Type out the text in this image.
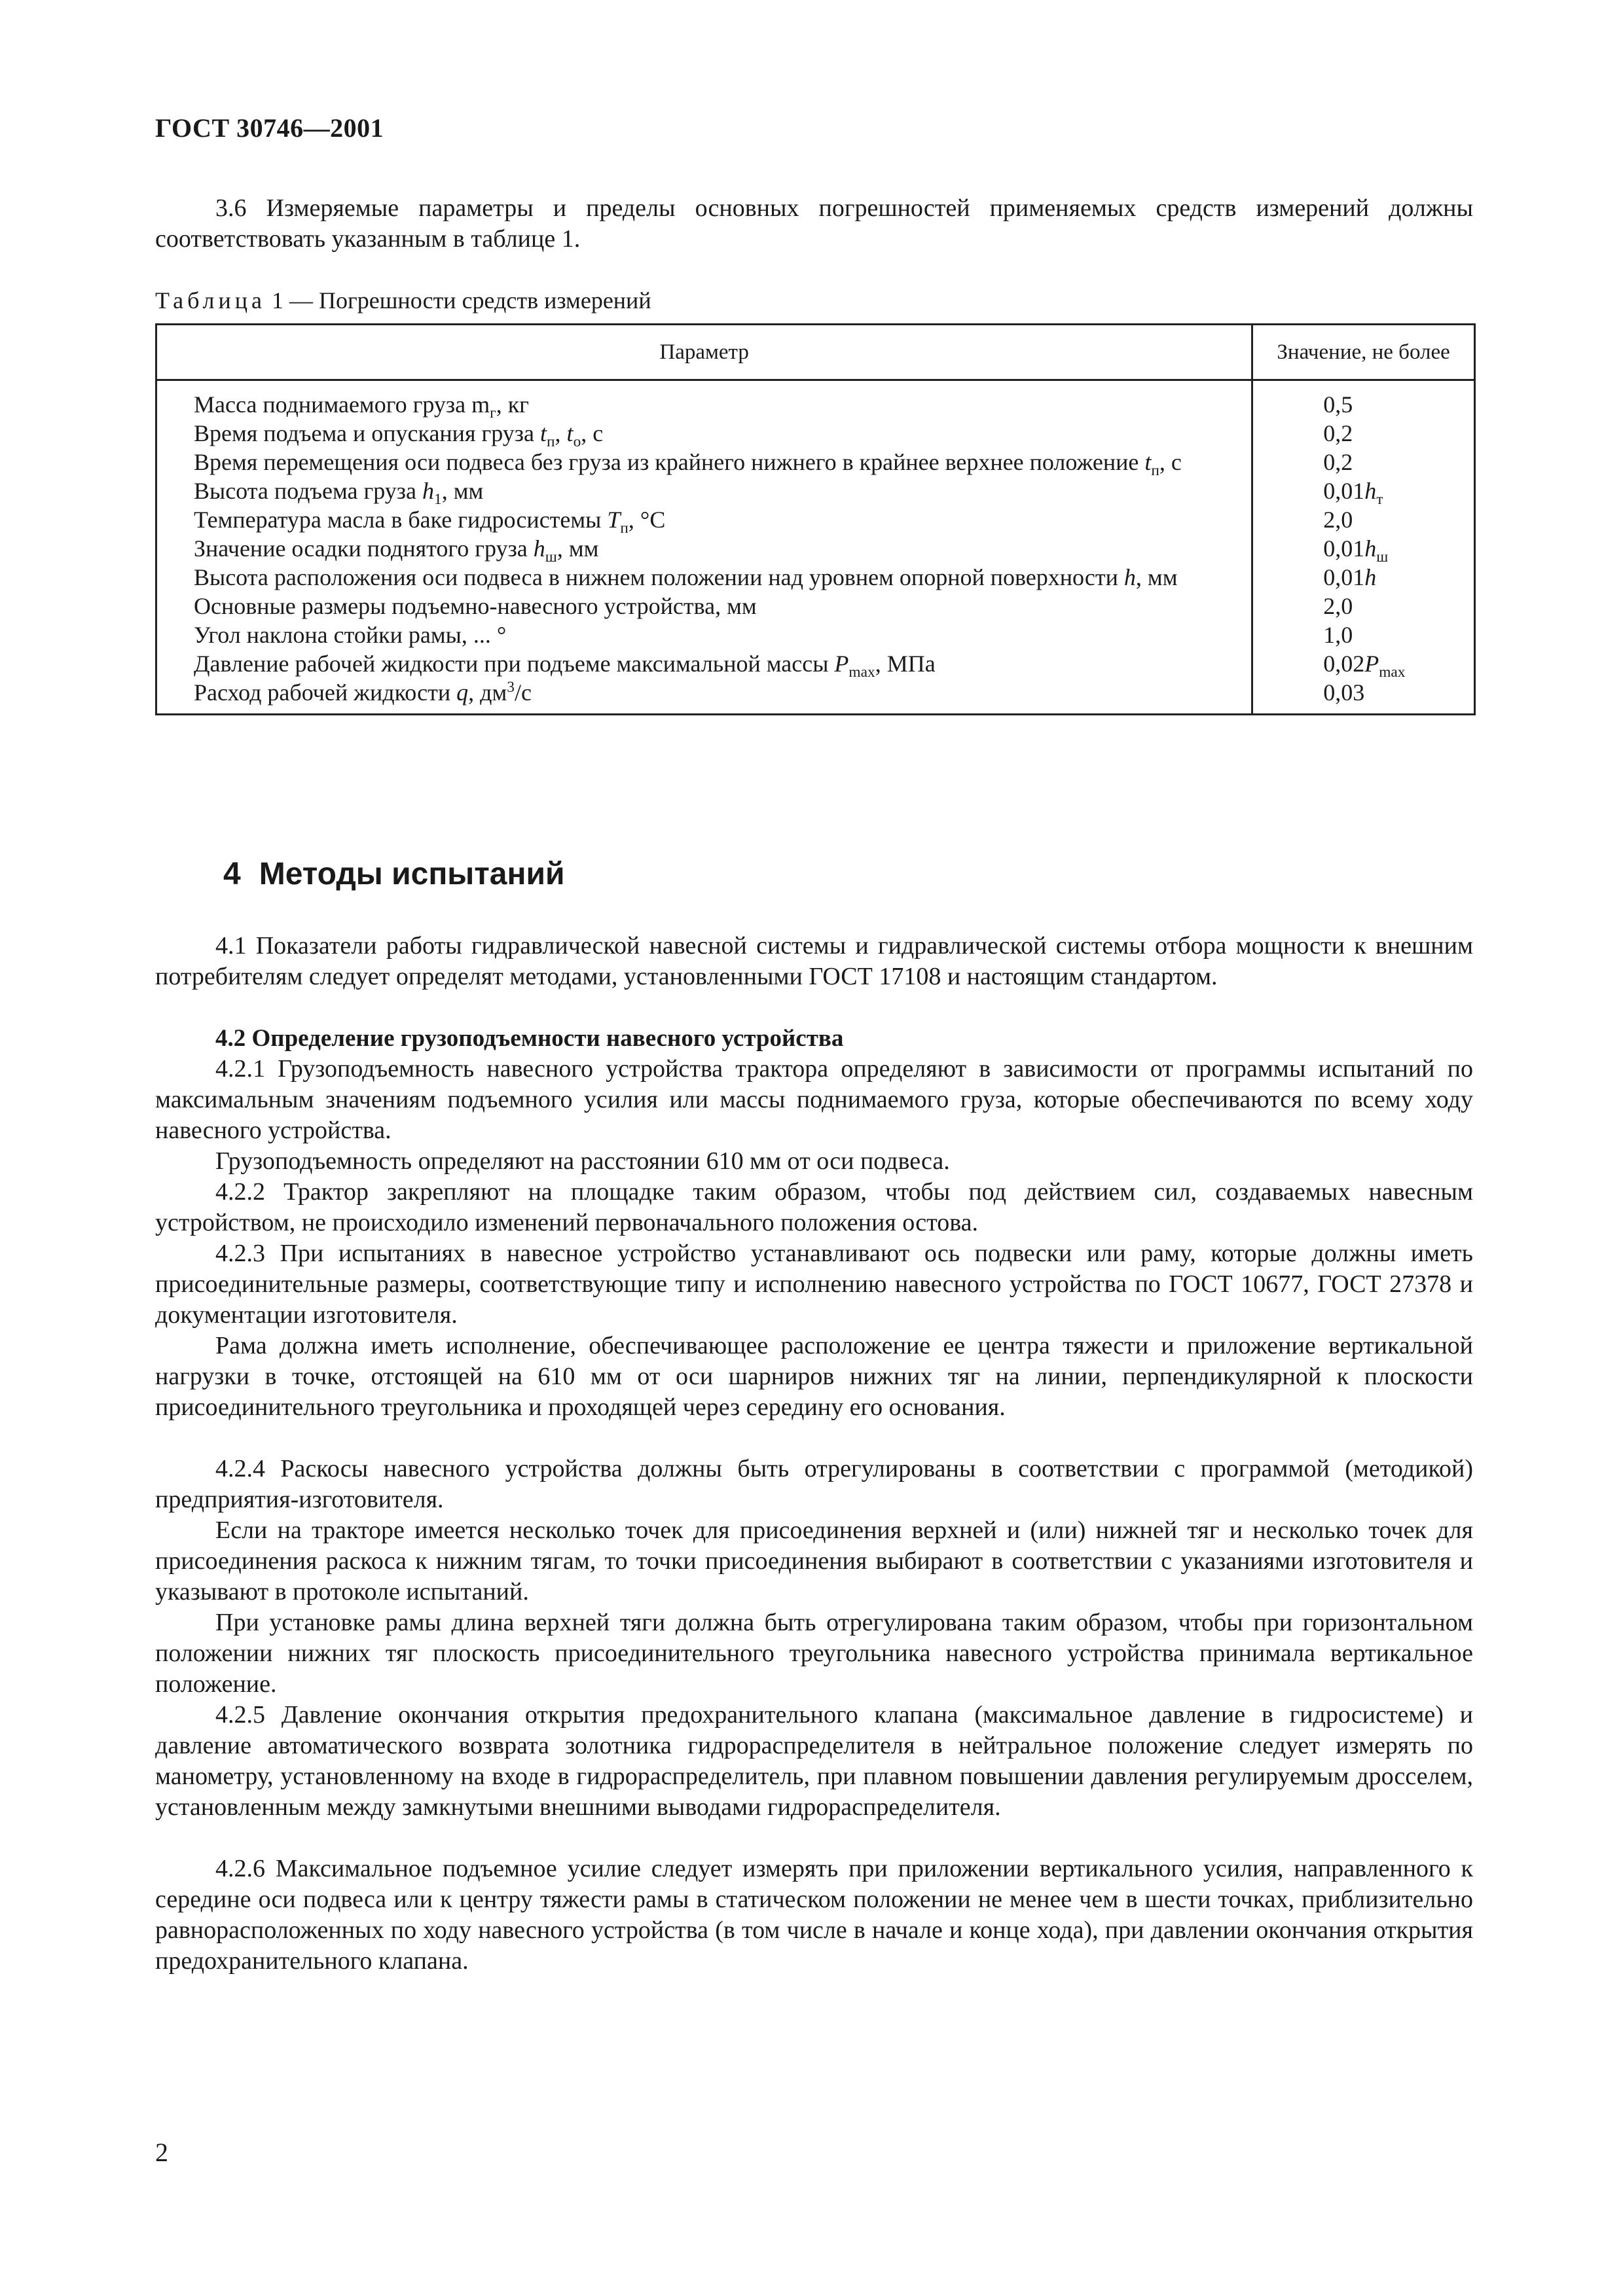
ГОСТ 30746—2001
3.6 Измеряемые параметры и пределы основных погрешностей применяемых средств измерений должны соответствовать указанным в таблице 1.
Таблица 1 — Погрешности средств измерений
Параметр	Значение, не более

Масса поднимаемого груза $m_г$, кг	0,5

Время подъема и опускания груза $t_п$, $t_о$, с	0,2

Время перемещения оси подвеса без груза из крайнего нижнего в крайнее верхнее положение $t_п$, с	0,2

Высота подъема груза $h_1$, мм	$0,01h_т$

Температура масла в баке гидросистемы $T_п$, °С	2,0

Значение осадки поднятого груза $h_ш$, мм	$0,01h_ш$

Высота расположения оси подвеса в нижнем положении над уровнем опорной поверхности h, мм	0,01h

Основные размеры подъемно-навесного устройства, мм	2,0

Угол наклона стойки рамы, ... °	1,0

Давление рабочей жидкости при подъеме максимальной массы $P_{max}$, МПа	$0,02P_{max}$

Расход рабочей жидкости q, $дм^3/с$	0,03
4 Методы испытаний
4.1 Показатели работы гидравлической навесной системы и гидравлической системы отбора мощности к внешним потребителям следует определят методами, установленными ГОСТ 17108 и настоящим стандартом.
4.2 Определение грузоподъемности навесного устройства
4.2.1 Грузоподъемность навесного устройства трактора определяют в зависимости от программы испытаний по максимальным значениям подъемного усилия или массы поднимаемого груза, которые обеспечиваются по всему ходу навесного устройства.
Грузоподъемность определяют на расстоянии 610 мм от оси подвеса.
4.2.2 Трактор закрепляют на площадке таким образом, чтобы под действием сил, создаваемых навесным устройством, не происходило изменений первоначального положения остова.
4.2.3 При испытаниях в навесное устройство устанавливают ось подвески или раму, которые должны иметь присоединительные размеры, соответствующие типу и исполнению навесного устройства по ГОСТ 10677, ГОСТ 27378 и документации изготовителя.
Рама должна иметь исполнение, обеспечивающее расположение ее центра тяжести и приложение вертикальной нагрузки в точке, отстоящей на 610 мм от оси шарниров нижних тяг на линии, перпендикулярной к плоскости присоединительного треугольника и проходящей через середину его основания.
4.2.4 Раскосы навесного устройства должны быть отрегулированы в соответствии с программой (методикой) предприятия-изготовителя.
Если на тракторе имеется несколько точек для присоединения верхней и (или) нижней тяг и несколько точек для присоединения раскоса к нижним тягам, то точки присоединения выбирают в соответствии с указаниями изготовителя и указывают в протоколе испытаний.
При установке рамы длина верхней тяги должна быть отрегулирована таким образом, чтобы при горизонтальном положении нижних тяг плоскость присоединительного треугольника навесного устройства принимала вертикальное положение.
4.2.5 Давление окончания открытия предохранительного клапана (максимальное давление в гидросистеме) и давление автоматического возврата золотника гидрораспределителя в нейтральное положение следует измерять по манометру, установленному на входе в гидрораспределитель, при плавном повышении давления регулируемым дросселем, установленным между замкнутыми внешними выводами гидрораспределителя.
4.2.6 Максимальное подъемное усилие следует измерять при приложении вертикального усилия, направленного к середине оси подвеса или к центру тяжести рамы в статическом положении не менее чем в шести точках, приблизительно равнорасположенных по ходу навесного устройства (в том числе в начале и конце хода), при давлении окончания открытия предохранительного клапана.
2
